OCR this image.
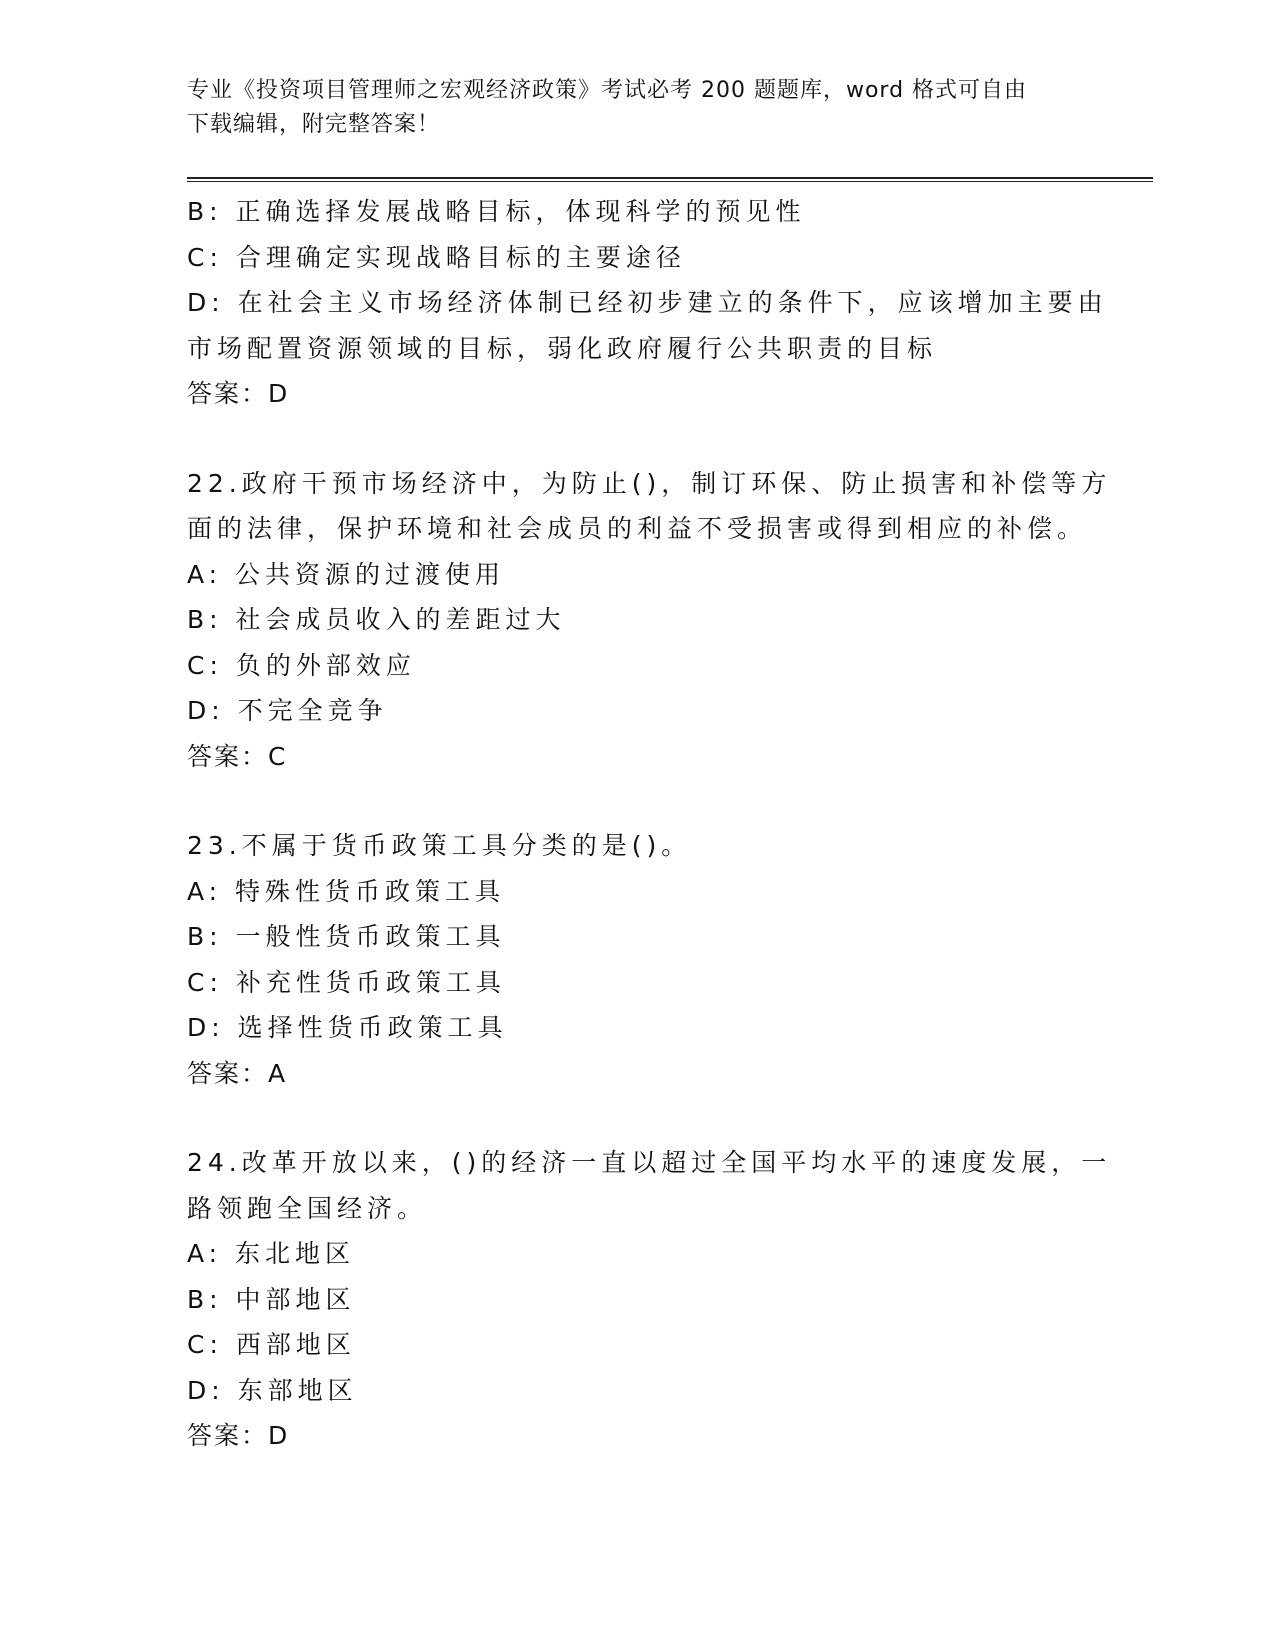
专业《投资项目管理师之宏观经济政策》考试必考 200 题题库，word 格式可自由
下载编辑，附完整答案！
B: 正确选择发展战略目标，体现科学的预见性
C: 合理确定实现战略目标的主要途径
D: 在社会主义市场经济体制已经初步建立的条件下，应该增加主要由
市场配置资源领域的目标，弱化政府履行公共职责的目标
答案：D
22.政府干预市场经济中，为防止()，制订环保、防止损害和补偿等方
面的法律，保护环境和社会成员的利益不受损害或得到相应的补偿。
A: 公共资源的过渡使用
B: 社会成员收入的差距过大
C: 负的外部效应
D: 不完全竞争
答案：C
23.不属于货币政策工具分类的是()。
A: 特殊性货币政策工具
B: 一般性货币政策工具
C: 补充性货币政策工具
D: 选择性货币政策工具
答案：A
24.改革开放以来，()的经济一直以超过全国平均水平的速度发展，一
路领跑全国经济。
A: 东北地区
B: 中部地区
C: 西部地区
D: 东部地区
答案：D
